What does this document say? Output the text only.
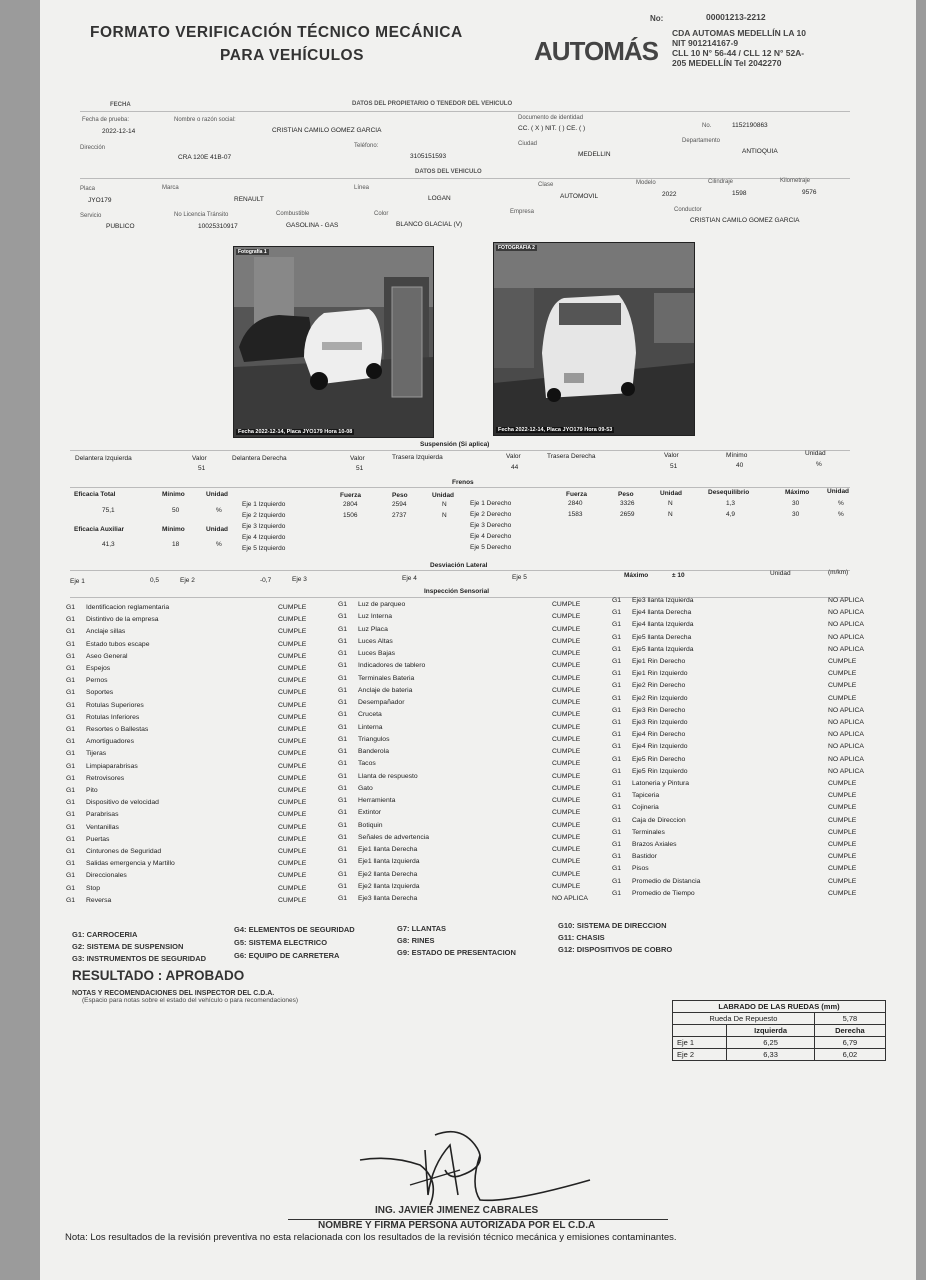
FORMATO VERIFICACIÓN TÉCNICO MECÁNICA
PARA VEHÍCULOS
No:	00001213-2212
AUTOMÁS
CDA AUTOMAS MEDELLÍN LA 10
NIT 901214167-9
CLL 10 N° 56-44 / CLL 12 N° 52A-
205 MEDELLÍN Tel 2042270
FECHA	DATOS DEL PROPIETARIO O TENEDOR DEL VEHICULO
Fecha de prueba:
2022-12-14
Nombre o razón social:
CRISTIAN CAMILO GOMEZ GARCIA
Documento de identidad
CC. ( X ) NIT. ( ) CE. ( )	No.	1152190863
Dirección
CRA 120E 41B-07
Teléfono:
3105151593
Ciudad
MEDELLIN
Departamento
ANTIOQUIA
DATOS DEL VEHICULO
Placa
JYO179
Marca
RENAULT
Línea
LOGAN
Clase
AUTOMOVIL
Modelo
2022
Cilindraje
1598
Kilometraje
9576
Servicio
PUBLICO
No Licencia Tránsito
10025310917
Combustible
GASOLINA - GAS
Color
BLANCO GLACIAL (V)
Empresa	Conductor
CRISTIAN CAMILO GOMEZ GARCIA
Fotografía 1
Fecha 2022-12-14, Placa JYO179 Hora 10-08
FOTOGRAFIA 2
Fecha 2022-12-14, Placa JYO179 Hora 09-53
Suspensión (Si aplica)
Delantera Izquierda	Valor
51
Delantera Derecha	Valor
51
Trasera Izquierda	Valor
44
Trasera Derecha	Valor
51
Mínimo
40
Unidad
%
Frenos
Eficacia Total	Mínimo	Unidad
75,1	50	%
Eficacia Auxiliar	Mínimo	Unidad
41,3	18	%
Fuerza	Peso	Unidad	Fuerza	Peso	Unidad	Desequilibrio	Máximo	Unidad
Eje 1 Izquierdo	2804	2594	N
Eje 2 Izquierdo	1506	2737	N
Eje 3 Izquierdo
Eje 4 Izquierdo
Eje 5 Izquierdo
Eje 1 Derecho	2840	3326	N	1,3	30	%
Eje 2 Derecho	1583	2659	N	4,9	30	%
Eje 3 Derecho
Eje 4 Derecho
Eje 5 Derecho
Desviación Lateral
Eje 1	0,5	Eje 2	-0,7	Eje 3	Eje 4	Eje 5	Máximo	± 10	Unidad	(m/km)
Inspección Sensorial
G1 Identificacion reglamentaria	CUMPLE
G1 Distintivo de la empresa	CUMPLE
G1 Anclaje sillas	CUMPLE
G1 Estado tubos escape	CUMPLE
G1 Aseo General	CUMPLE
G1 Espejos	CUMPLE
G1 Pernos	CUMPLE
G1 Soportes	CUMPLE
G1 Rotulas Superiores	CUMPLE
G1 Rotulas Inferiores	CUMPLE
G1 Resortes o Ballestas	CUMPLE
G1 Amortiguadores	CUMPLE
G1 Tijeras	CUMPLE
G1 Limpiaparabrisas	CUMPLE
G1 Retrovisores	CUMPLE
G1 Pito	CUMPLE
G1 Dispositivo de velocidad	CUMPLE
G1 Parabrisas	CUMPLE
G1 Ventanillas	CUMPLE
G1 Puertas	CUMPLE
G1 Cinturones de Seguridad	CUMPLE
G1 Salidas emergencia y Martillo	CUMPLE
G1 Direccionales	CUMPLE
G1 Stop	CUMPLE
G1 Reversa	CUMPLE
G1 Luz de parqueo	CUMPLE
G1 Luz Interna	CUMPLE
G1 Luz Placa	CUMPLE
G1 Luces Altas	CUMPLE
G1 Luces Bajas	CUMPLE
G1 Indicadores de tablero	CUMPLE
G1 Terminales Bateria	CUMPLE
G1 Anclaje de bateria	CUMPLE
G1 Desempañador	CUMPLE
G1 Cruceta	CUMPLE
G1 Linterna	CUMPLE
G1 Triangulos	CUMPLE
G1 Banderola	CUMPLE
G1 Tacos	CUMPLE
G1 Llanta de respuesto	CUMPLE
G1 Gato	CUMPLE
G1 Herramienta	CUMPLE
G1 Extintor	CUMPLE
G1 Botiquin	CUMPLE
G1 Señales de advertencia	CUMPLE
G1 Eje1 llanta Derecha	CUMPLE
G1 Eje1 llanta Izquierda	CUMPLE
G1 Eje2 llanta Derecha	CUMPLE
G1 Eje2 llanta Izquierda	CUMPLE
G1 Eje3 llanta Derecha	NO APLICA
G1 Eje3 llanta Izquierda	NO APLICA
G1 Eje4 llanta Derecha	NO APLICA
G1 Eje4 llanta Izquierda	NO APLICA
G1 Eje5 llanta Derecha	NO APLICA
G1 Eje5 llanta Izquierda	NO APLICA
G1 Eje1 Rin Derecho	CUMPLE
G1 Eje1 Rin Izquierdo	CUMPLE
G1 Eje2 Rin Derecho	CUMPLE
G1 Eje2 Rin Izquierdo	CUMPLE
G1 Eje3 Rin Derecho	NO APLICA
G1 Eje3 Rin Izquierdo	NO APLICA
G1 Eje4 Rin Derecho	NO APLICA
G1 Eje4 Rin Izquierdo	NO APLICA
G1 Eje5 Rin Derecho	NO APLICA
G1 Eje5 Rin Izquierdo	NO APLICA
G1 Latoneria y Pintura	CUMPLE
G1 Tapiceria	CUMPLE
G1 Cojineria	CUMPLE
G1 Caja de Direccion	CUMPLE
G1 Terminales	CUMPLE
G1 Brazos Axiales	CUMPLE
G1 Bastidor	CUMPLE
G1 Pisos	CUMPLE
G1 Promedio de Distancia	CUMPLE
G1 Promedio de Tiempo	CUMPLE
G1: CARROCERIA
G2: SISTEMA DE SUSPENSION
G3: INSTRUMENTOS DE SEGURIDAD
G4: ELEMENTOS DE SEGURIDAD
G5: SISTEMA ELECTRICO
G6: EQUIPO DE CARRETERA
G7: LLANTAS
G8: RINES
G9: ESTADO DE PRESENTACION
G10: SISTEMA DE DIRECCION
G11: CHASIS
G12: DISPOSITIVOS DE COBRO
RESULTADO : APROBADO
NOTAS Y RECOMENDACIONES DEL INSPECTOR DEL C.D.A.
(Espacio para notas sobre el estado del vehículo o para recomendaciones)
LABRADO DE LAS RUEDAS (mm)		
Rueda De Repuesto		5,78
	Izquierda	Derecha
Eje 1	6,25	6,79
Eje 2	6,33	6,02
ING. JAVIER JIMENEZ CABRALES
NOMBRE Y FIRMA PERSONA AUTORIZADA POR EL C.D.A
Nota: Los resultados de la revisión preventiva no esta relacionada con los resultados de la revisión técnico mecánica y emisiones contaminantes.
